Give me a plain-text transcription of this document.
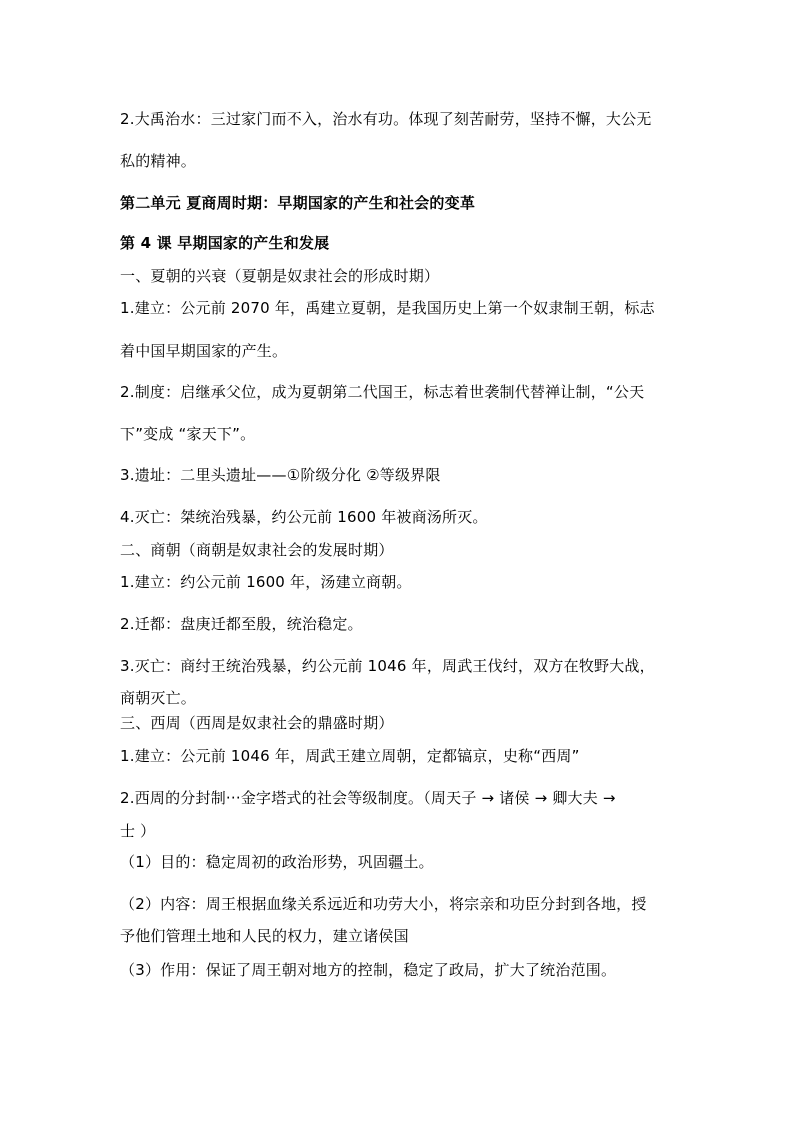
2.大禹治水：三过家门而不入，治水有功。体现了刻苦耐劳，坚持不懈，大公无
私的精神。
第二单元 夏商周时期：早期国家的产生和社会的变革
第 4 课 早期国家的产生和发展
一、夏朝的兴衰（夏朝是奴隶社会的形成时期）
1.建立：公元前 2070 年，禹建立夏朝，是我国历史上第一个奴隶制王朝，标志
着中国早期国家的产生。
2.制度：启继承父位，成为夏朝第二代国王，标志着世袭制代替禅让制，“公天
下”变成 “家天下”。
3.遗址：二里头遗址——①阶级分化 ②等级界限
4.灭亡：桀统治残暴，约公元前 1600 年被商汤所灭。
二、商朝（商朝是奴隶社会的发展时期）
1.建立：约公元前 1600 年，汤建立商朝。
2.迁都：盘庚迁都至殷，统治稳定。
3.灭亡：商纣王统治残暴，约公元前 1046 年，周武王伐纣，双方在牧野大战，
商朝灭亡。
三、西周（西周是奴隶社会的鼎盛时期）
1.建立：公元前 1046 年，周武王建立周朝，定都镐京，史称“西周”
2.西周的分封制···金字塔式的社会等级制度。（周天子 → 诸侯 → 卿大夫 →
士 ）
（1）目的：稳定周初的政治形势，巩固疆土。
（2）内容：周王根据血缘关系远近和功劳大小，将宗亲和功臣分封到各地，授
予他们管理土地和人民的权力，建立诸侯国
（3）作用：保证了周王朝对地方的控制，稳定了政局，扩大了统治范围。
